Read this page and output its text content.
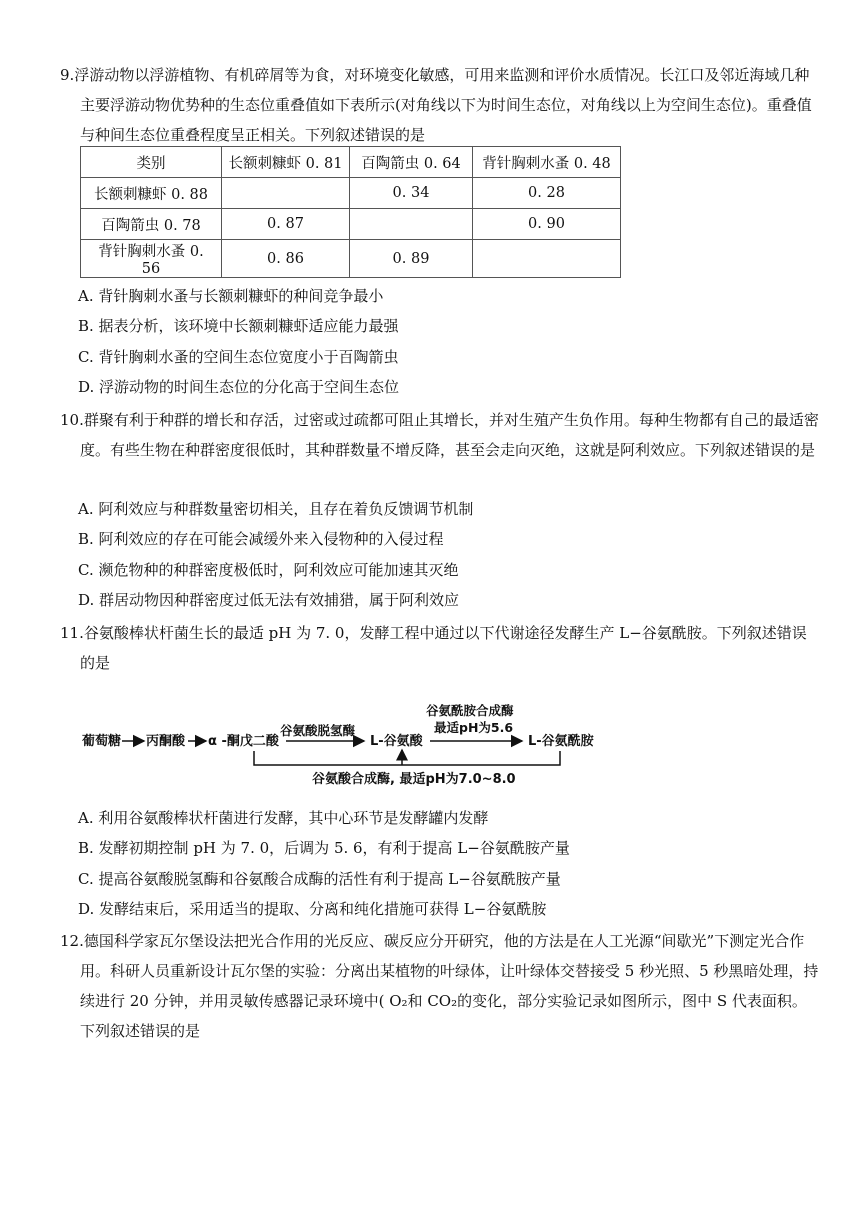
9.浮游动物以浮游植物、有机碎屑等为食，对环境变化敏感，可用来监测和评价水质情况。长江口及邻近海域几种主要浮游动物优势种的生态位重叠值如下表所示(对角线以下为时间生态位，对角线以上为空间生态位)。重叠值与种间生态位重叠程度呈正相关。下列叙述错误的是
类别	长额刺糠虾 0. 81	百陶箭虫 0. 64	背针胸刺水蚤 0. 48
长额刺糠虾 0. 88		0. 34	0. 28
百陶箭虫 0. 78	0. 87		0. 90
背针胸刺水蚤 0. 56	0. 86	0. 89	
A. 背针胸刺水蚤与长额刺糠虾的种间竞争最小
B. 据表分析，该环境中长额刺糠虾适应能力最强
C. 背针胸刺水蚤的空间生态位宽度小于百陶箭虫
D. 浮游动物的时间生态位的分化高于空间生态位
10.群聚有利于种群的增长和存活，过密或过疏都可阻止其增长，并对生殖产生负作用。每种生物都有自己的最适密度。有些生物在种群密度很低时，其种群数量不增反降，甚至会走向灭绝，这就是阿利效应。下列叙述错误的是
A. 阿利效应与种群数量密切相关，且存在着负反馈调节机制
B. 阿利效应的存在可能会减缓外来入侵物种的入侵过程
C. 濒危物种的种群密度极低时，阿利效应可能加速其灭绝
D. 群居动物因种群密度过低无法有效捕猎，属于阿利效应
11.谷氨酸棒状杆菌生长的最适 pH 为 7. 0，发酵工程中通过以下代谢途径发酵生产 L−谷氨酰胺。下列叙述错误的是
葡萄糖 丙酮酸 α -酮戊二酸
谷氨酸脱氢酶
L-谷氨酸
谷氨酰胺合成酶
最适pH为5.6
L-谷氨酰胺
谷氨酸合成酶, 最适pH为7.0~8.0
A. 利用谷氨酸棒状杆菌进行发酵，其中心环节是发酵罐内发酵
B. 发酵初期控制 pH 为 7. 0，后调为 5. 6，有利于提高 L−谷氨酰胺产量
C. 提高谷氨酸脱氢酶和谷氨酸合成酶的活性有利于提高 L−谷氨酰胺产量
D. 发酵结束后，采用适当的提取、分离和纯化措施可获得 L−谷氨酰胺
12.德国科学家瓦尔堡设法把光合作用的光反应、碳反应分开研究，他的方法是在人工光源“间歇光”下测定光合作用。科研人员重新设计瓦尔堡的实验：分离出某植物的叶绿体，让叶绿体交替接受 5 秒光照、5 秒黑暗处理，持续进行 20 分钟，并用灵敏传感器记录环境中( O₂和 CO₂的变化，部分实验记录如图所示，图中 S 代表面积。下列叙述错误的是
